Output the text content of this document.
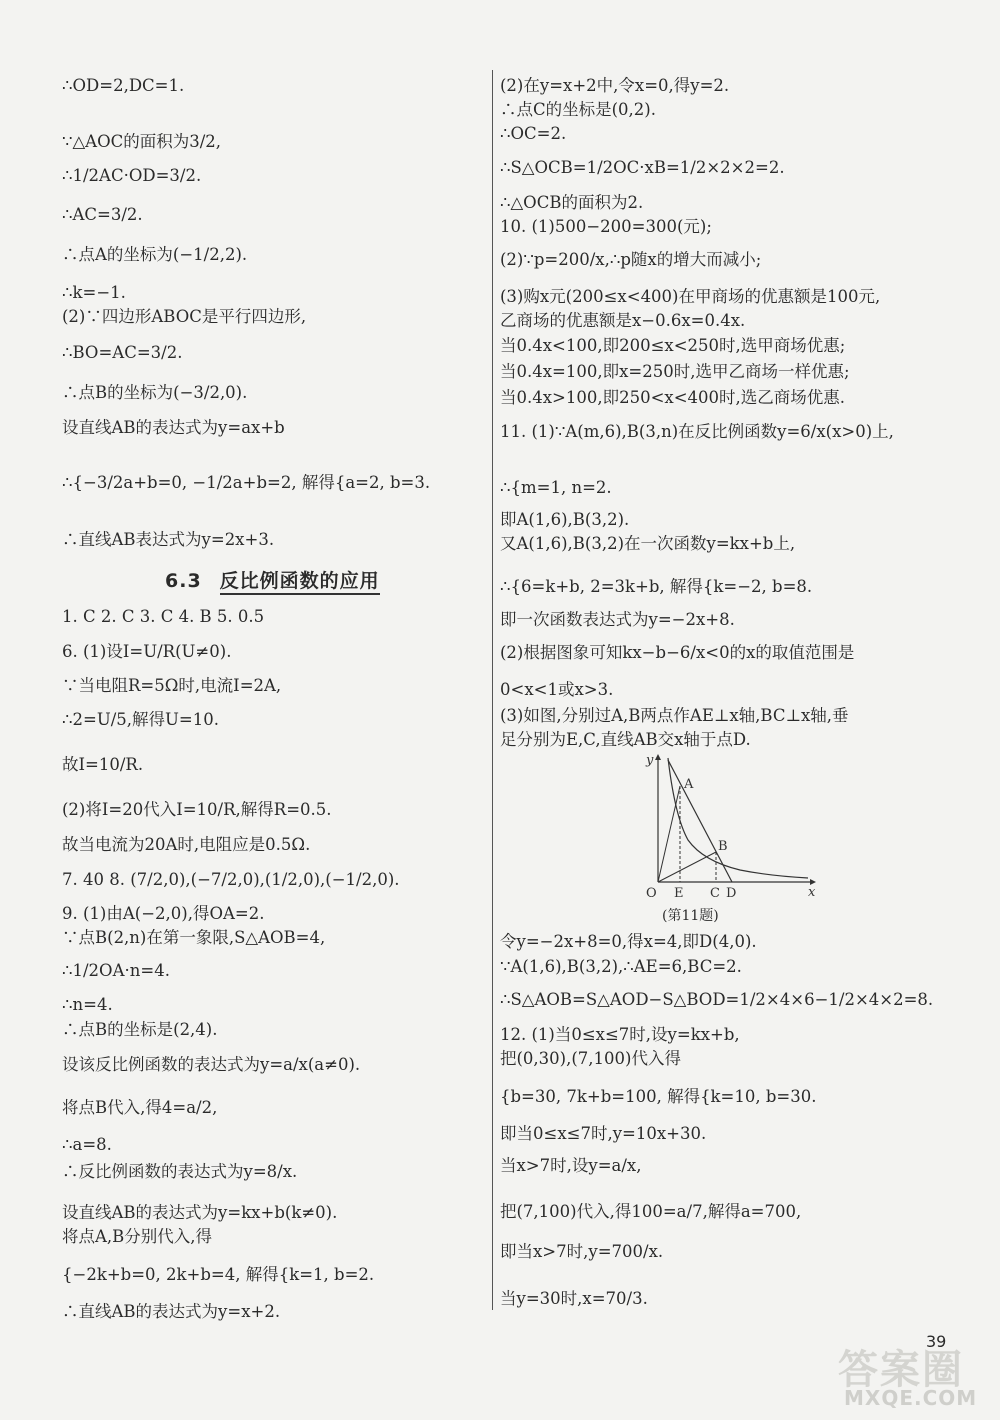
∴OD=2,DC=1.
∵△AOC的面积为3/2,
∴1/2AC·OD=3/2.
∴AC=3/2.
∴点A的坐标为(−1/2,2).
∴k=−1.
(2)∵四边形ABOC是平行四边形,
∴BO=AC=3/2.
∴点B的坐标为(−3/2,0).
设直线AB的表达式为y=ax+b
∴{−3/2a+b=0, −1/2a+b=2, 解得{a=2, b=3.
∴直线AB表达式为y=2x+3.
1. C 2. C 3. C 4. B 5. 0.5
6. (1)设I=U/R(U≠0).
∵当电阻R=5Ω时,电流I=2A,
∴2=U/5,解得U=10.
故I=10/R.
(2)将I=20代入I=10/R,解得R=0.5.
故当电流为20A时,电阻应是0.5Ω.
7. 40 8. (7/2,0),(−7/2,0),(1/2,0),(−1/2,0).
9. (1)由A(−2,0),得OA=2.
∵点B(2,n)在第一象限,S△AOB=4,
∴1/2OA·n=4.
∴n=4.
∴点B的坐标是(2,4).
设该反比例函数的表达式为y=a/x(a≠0).
将点B代入,得4=a/2,
∴a=8.
∴反比例函数的表达式为y=8/x.
设直线AB的表达式为y=kx+b(k≠0).
将点A,B分别代入,得
{−2k+b=0, 2k+b=4, 解得{k=1, b=2.
∴直线AB的表达式为y=x+2.
(2)在y=x+2中,令x=0,得y=2.
∴点C的坐标是(0,2).
∴OC=2.
∴S△OCB=1/2OC·xB=1/2×2×2=2.
∴△OCB的面积为2.
10. (1)500−200=300(元);
(2)∵p=200/x,∴p随x的增大而减小;
(3)购x元(200≤x<400)在甲商场的优惠额是100元,
乙商场的优惠额是x−0.6x=0.4x.
当0.4x<100,即200≤x<250时,选甲商场优惠;
当0.4x=100,即x=250时,选甲乙商场一样优惠;
当0.4x>100,即250<x<400时,选乙商场优惠.
11. (1)∵A(m,6),B(3,n)在反比例函数y=6/x(x>0)上,
∴{m=1, n=2.
即A(1,6),B(3,2).
又A(1,6),B(3,2)在一次函数y=kx+b上,
∴{6=k+b, 2=3k+b, 解得{k=−2, b=8.
即一次函数表达式为y=−2x+8.
(2)根据图象可知kx−b−6/x<0的x的取值范围是
0<x<1或x>3.
(3)如图,分别过A,B两点作AE⊥x轴,BC⊥x轴,垂
足分别为E,C,直线AB交x轴于点D.
令y=−2x+8=0,得x=4,即D(4,0).
∵A(1,6),B(3,2),∴AE=6,BC=2.
∴S△AOB=S△AOD−S△BOD=1/2×4×6−1/2×4×2=8.
12. (1)当0≤x≤7时,设y=kx+b,
把(0,30),(7,100)代入得
{b=30, 7k+b=100, 解得{k=10, b=30.
即当0≤x≤7时,y=10x+30.
当x>7时,设y=a/x,
把(7,100)代入,得100=a/7,解得a=700,
即当x>7时,y=700/x.
当y=30时,x=70/3.
6.3 反比例函数的应用
y
x
O E C D
A
B
(第11题)
39
答案圈
MXQE.COM
